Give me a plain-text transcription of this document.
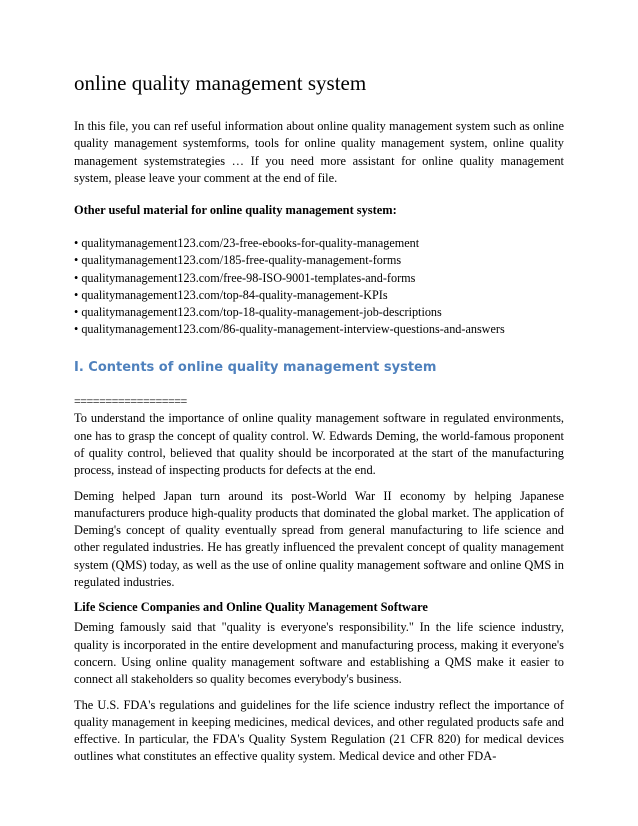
online quality management system

In this file, you can ref useful information about online quality management system such as online quality management systemforms, tools for online quality management system, online quality management systemstrategies … If you need more assistant for online quality management system, please leave your comment at the end of file.

Other useful material for online quality management system:

• qualitymanagement123.com/23-free-ebooks-for-quality-management
• qualitymanagement123.com/185-free-quality-management-forms
• qualitymanagement123.com/free-98-ISO-9001-templates-and-forms
• qualitymanagement123.com/top-84-quality-management-KPIs
• qualitymanagement123.com/top-18-quality-management-job-descriptions
• qualitymanagement123.com/86-quality-management-interview-questions-and-answers
I. Contents of online quality management system
==================

To understand the importance of online quality management software in regulated environments, one has to grasp the concept of quality control. W. Edwards Deming, the world-famous proponent of quality control, believed that quality should be incorporated at the start of the manufacturing process, instead of inspecting products for defects at the end.

Deming helped Japan turn around its post-World War II economy by helping Japanese manufacturers produce high-quality products that dominated the global market. The application of Deming's concept of quality eventually spread from general manufacturing to life science and other regulated industries. He has greatly influenced the prevalent concept of quality management system (QMS) today, as well as the use of online quality management software and online QMS in regulated industries.

Life Science Companies and Online Quality Management Software

Deming famously said that "quality is everyone's responsibility." In the life science industry, quality is incorporated in the entire development and manufacturing process, making it everyone's concern. Using online quality management software and establishing a QMS make it easier to connect all stakeholders so quality becomes everybody's business.

The U.S. FDA's regulations and guidelines for the life science industry reflect the importance of quality management in keeping medicines, medical devices, and other regulated products safe and effective. In particular, the FDA's Quality System Regulation (21 CFR 820) for medical devices outlines what constitutes an effective quality system. Medical device and other FDA-
